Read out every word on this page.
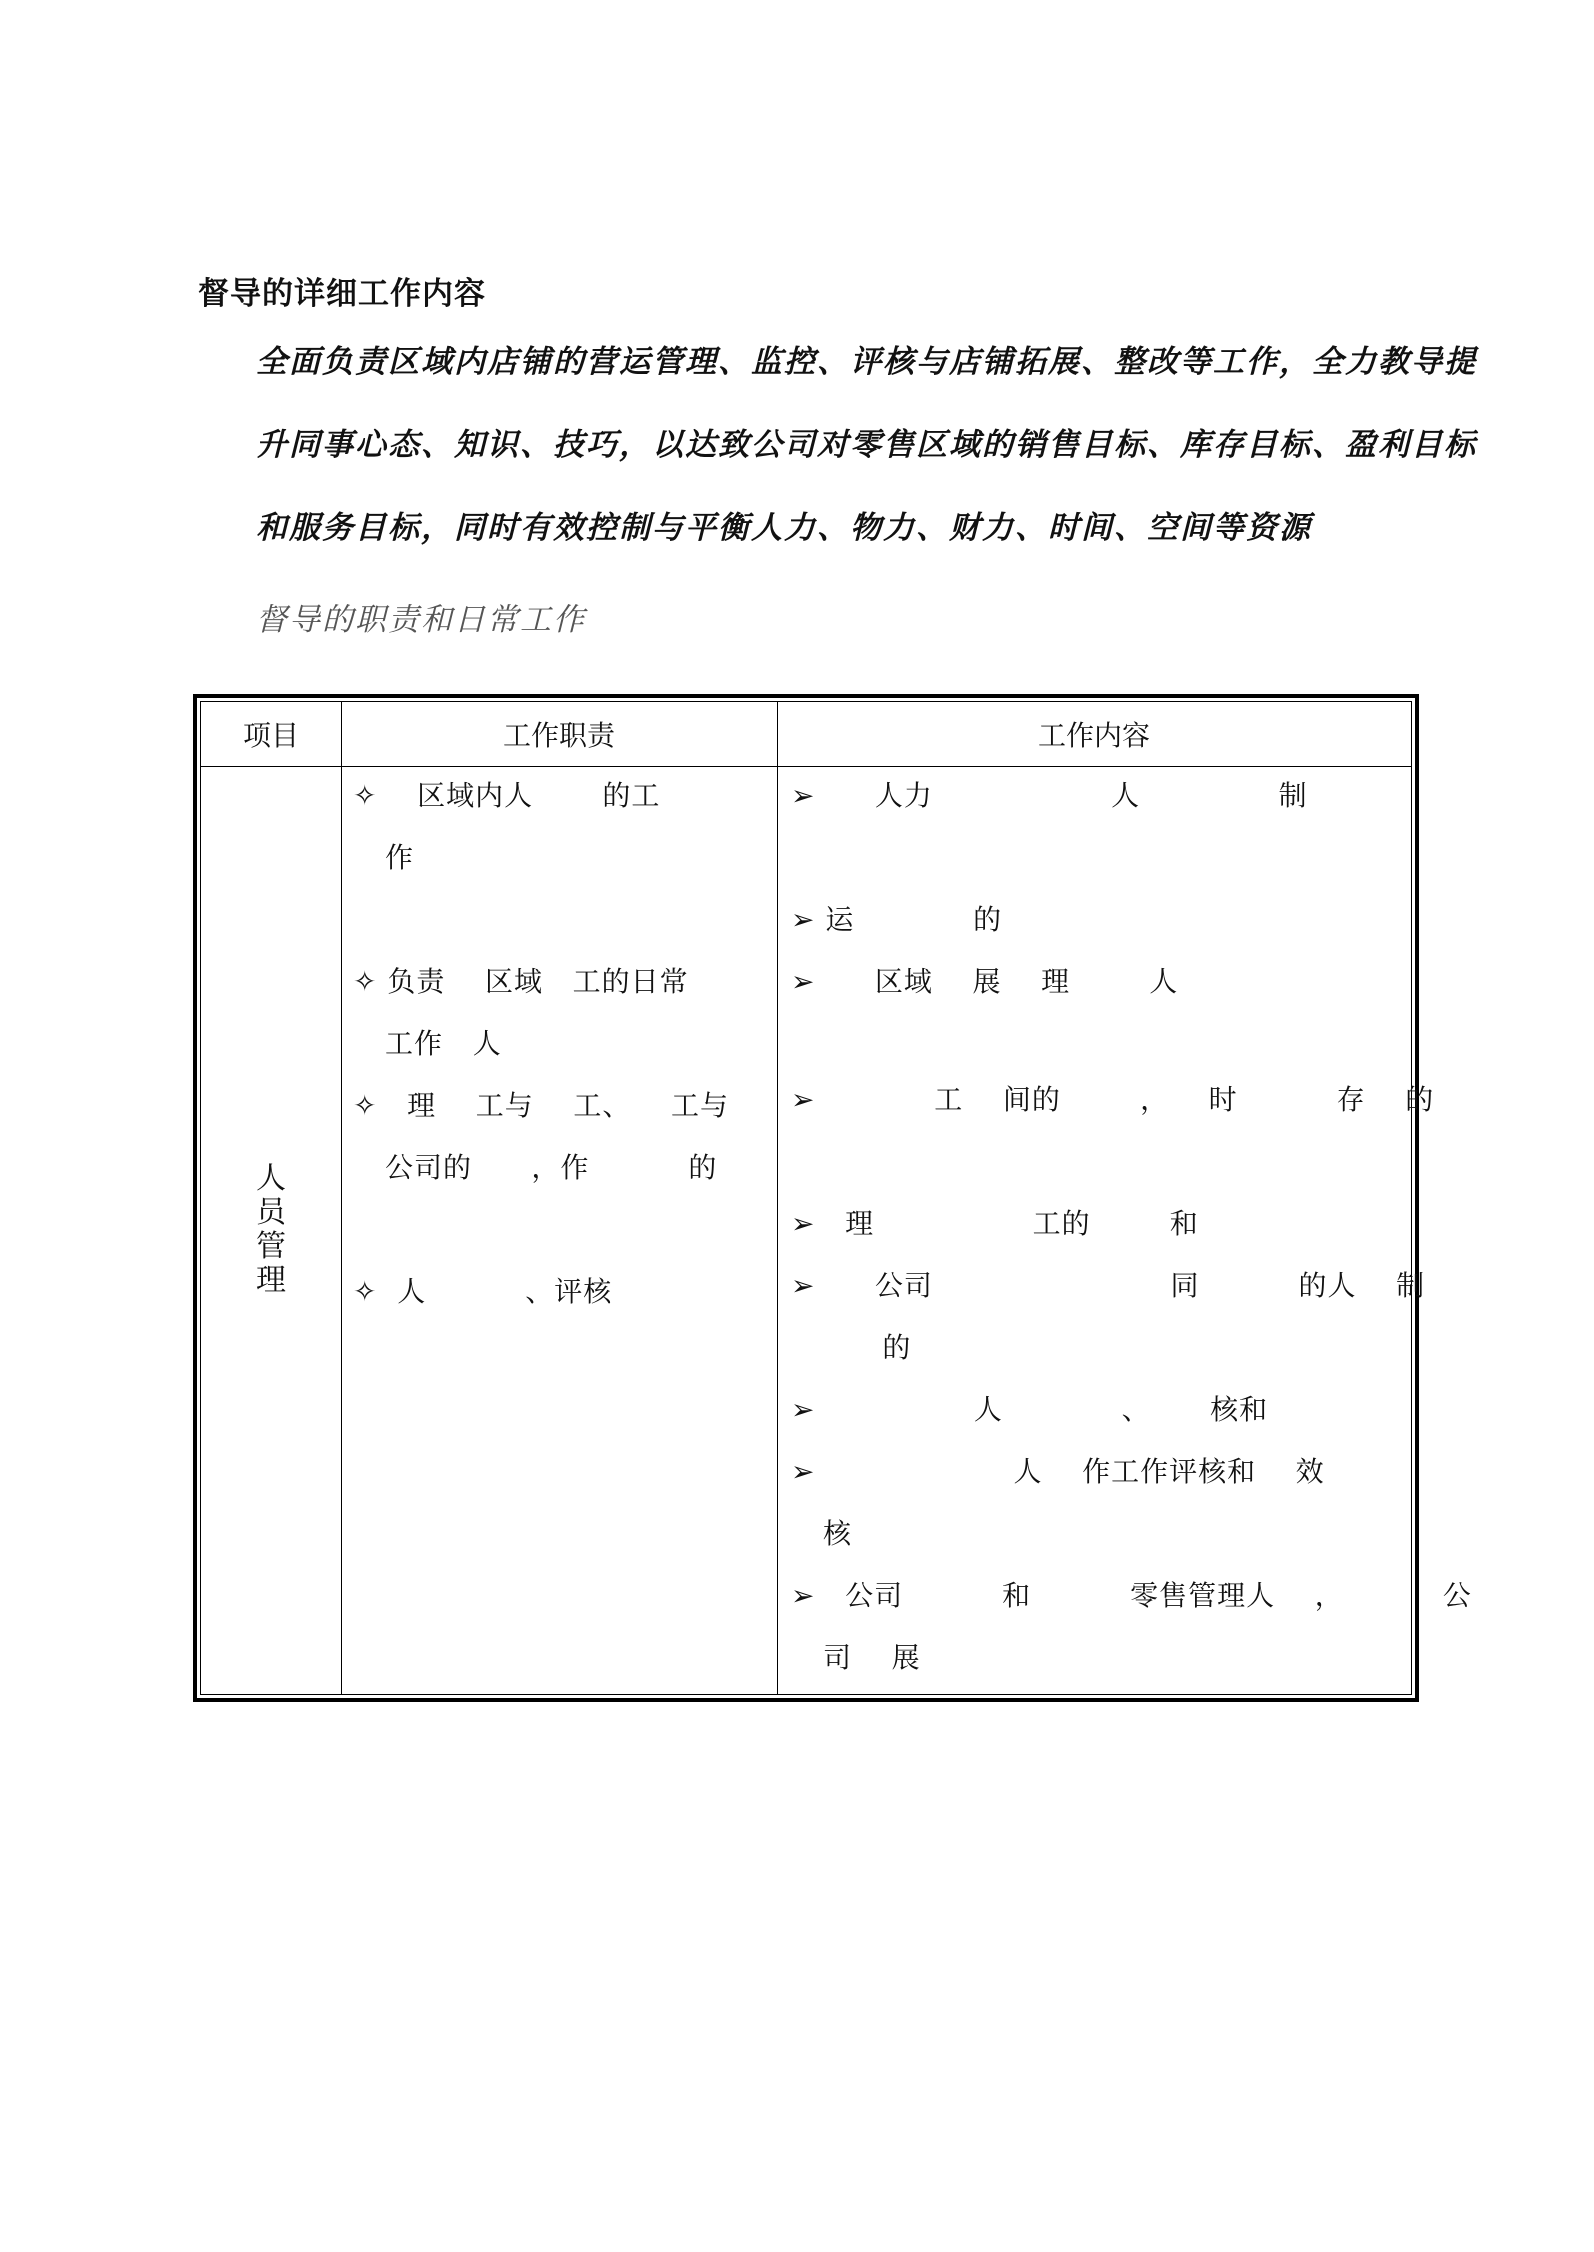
督导的详细工作内容
全面负责区域内店铺的营运管理、监控、评核与店铺拓展、整改等工作，全力教导提
升同事心态、知识、技巧，以达致公司对零售区域的销售目标、库存目标、盈利目标
和服务目标，同时有效控制与平衡人力、物力、财力、时间、空间等资源
督导的职责和日常工作
项目	工作职责	工作内容
人员管理
✧    区域内人       的工
作
✧ 负责    区域   工的日常
工作   人
✧   理    工与    工、    工与
公司的      ，作          的
✧  人          、评核
➢      人力                  人              制
➢ 运            的
➢      区域    展    理        人
➢            工    间的        ，    时          存    的
➢   理                工的        和
➢      公司                        同          的人    制
的
➢                人            、      核和
➢                    人    作工作评核和    效
核
➢   公司          和          零售管理人    ，          公
司    展
